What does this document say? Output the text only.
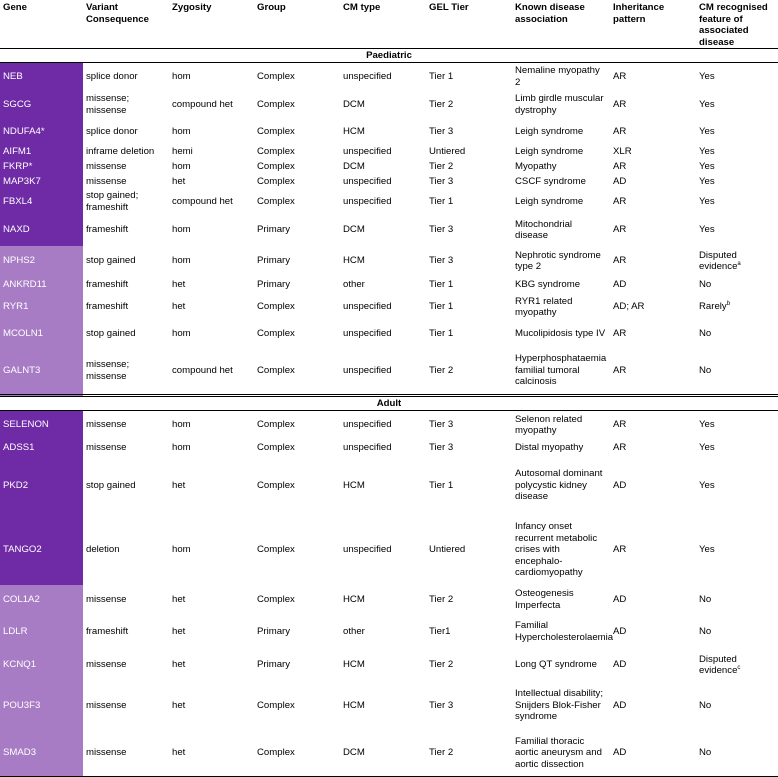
Gene	Variant Consequence	Zygosity	Group	CM type	GEL Tier	Known disease association	Inheritance pattern	CM recognised feature of associated disease
Paediatric								
NEB	splice donor	hom	Complex	unspecified	Tier 1	Nemaline myopathy 2	AR	Yes
SGCG	missense; missense	compound het	Complex	DCM	Tier 2	Limb girdle muscular dystrophy	AR	Yes
NDUFA4*	splice donor	hom	Complex	HCM	Tier 3	Leigh syndrome	AR	Yes
AIFM1	inframe deletion	hemi	Complex	unspecified	Untiered	Leigh syndrome	XLR	Yes
FKRP*	missense	hom	Complex	DCM	Tier 2	Myopathy	AR	Yes
MAP3K7	missense	het	Complex	unspecified	Tier 3	CSCF syndrome	AD	Yes
FBXL4	stop gained; frameshift	compound het	Complex	unspecified	Tier 1	Leigh syndrome	AR	Yes
NAXD	frameshift	hom	Primary	DCM	Tier 3	Mitochondrial disease	AR	Yes
NPHS2	stop gained	hom	Primary	HCM	Tier 3	Nephrotic syndrome type 2	AR	Disputed evidence$^a$
ANKRD11	frameshift	het	Primary	other	Tier 1	KBG syndrome	AD	No
RYR1	frameshift	het	Complex	unspecified	Tier 1	RYR1 related myopathy	AD; AR	Rarely$^b$
MCOLN1	stop gained	hom	Complex	unspecified	Tier 1	Mucolipidosis type IV	AR	No
GALNT3	missense; missense	compound het	Complex	unspecified	Tier 2	Hyperphosphataemia familial tumoral calcinosis	AR	No
Adult								
SELENON	missense	hom	Complex	unspecified	Tier 3	Selenon related myopathy	AR	Yes
ADSS1	missense	hom	Complex	unspecified	Tier 3	Distal myopathy	AR	Yes
PKD2	stop gained	het	Complex	HCM	Tier 1	Autosomal dominant polycystic kidney disease	AD	Yes
TANGO2	deletion	hom	Complex	unspecified	Untiered	Infancy onset recurrent metabolic crises with encephalo-cardiomyopathy	AR	Yes
COL1A2	missense	het	Complex	HCM	Tier 2	Osteogenesis Imperfecta	AD	No
LDLR	frameshift	het	Primary	other	Tier1	Familial Hypercholesterolaemia	AD	No
KCNQ1	missense	het	Primary	HCM	Tier 2	Long QT syndrome	AD	Disputed evidence$^c$
POU3F3	missense	het	Complex	HCM	Tier 3	Intellectual disability; Snijders Blok-Fisher syndrome	AD	No
SMAD3	missense	het	Complex	DCM	Tier 2	Familial thoracic aortic aneurysm and aortic dissection	AD	No
